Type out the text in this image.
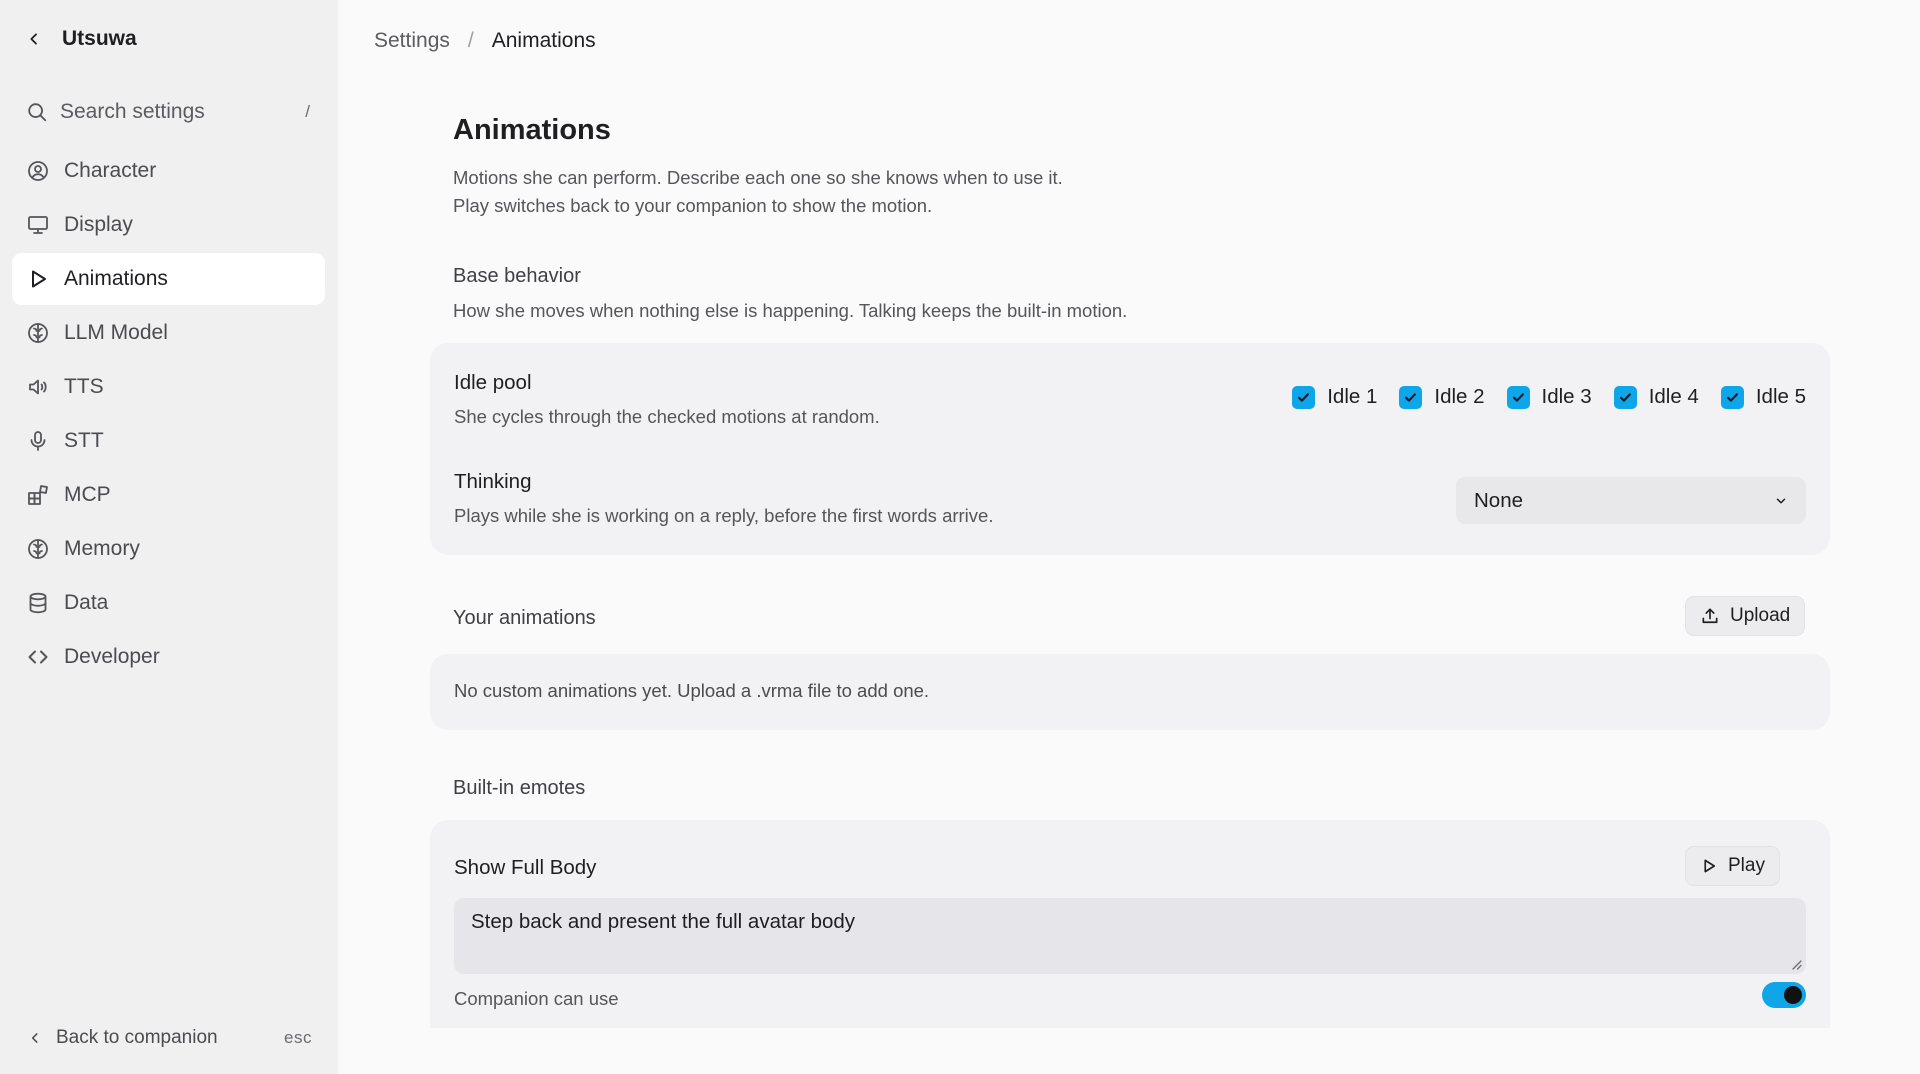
Utsuwa
Search settings	/
Character
Display
Animations
LLM Model
TTS
STT
MCP
Memory
Data
Developer
Back to companion	esc
Settings / Animations
Animations
Motions she can perform. Describe each one so she knows when to use it.
Play switches back to your companion to show the motion.
Base behavior
How she moves when nothing else is happening. Talking keeps the built-in motion.
Idle pool
She cycles through the checked motions at random.
Idle 1	Idle 2	Idle 3	Idle 4	Idle 5
Thinking
Plays while she is working on a reply, before the first words arrive.
None
Your animations	Upload
No custom animations yet. Upload a .vrma file to add one.
Built-in emotes
Show Full Body	Play
Step back and present the full avatar body
Companion can use
